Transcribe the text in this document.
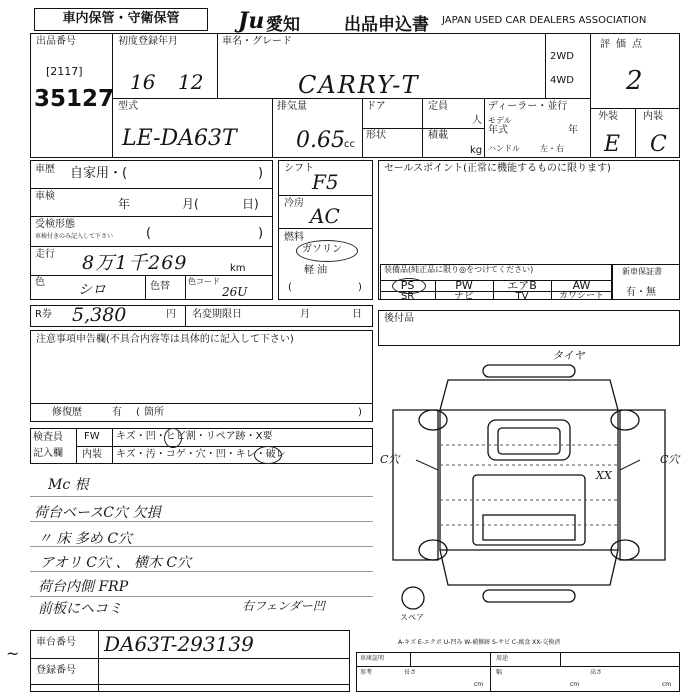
車内保管・守衛保管	Ju 愛知	出品申込書 JAPAN USED CAR DEALERS ASSOCIATION
出品番号
[2117]
35127
初度登録年月
16 12
車名・グレード
CARRY-T
2WD
4WD
評価点
2
型式
LE-DA63T
排気量
0.65 cc
ドア	定員
人
形状	積載
kg
ディーラー・並行
モデル
年式	年
ハンドル	左・右
外装	内装
E C
車歴 自家用・(	)
車検
年	月(	日)
受検形態
車検付きのみ記入して下さい	(	)
走行 8万1千269	km
色 シロ	色替 色コード
26U
シフト
F5
冷房
AC
燃料
ガソリン
軽 油
(	)
セールスポイント(正常に機能するものに限ります)
装備品(純正品に限り◎をつけてください)
PS	PW	エアB	AW
SR	ナビ	TV	カワシート
新車保証書
有・無
R券 5,380	円 名変期限日	月	日 後付品
注意事項申告欄(不具合内容等は具体的に記入して下さい)
修復歴	有 ( 箇所	)
検査員
記入欄
FW キズ・凹・ヒビ割・リペア跡・X要
内装 キズ・汚・コゲ・穴・凹・キレ・破レ
Mc 根
荷台ベースC穴 欠損
〃 床 多め C穴
アオリ C穴 、 横木 C穴
荷台内側 FRP
前板にヘコミ	右フェンダー凹
タイヤ
C穴	C穴
XX
スペア
A-キズ E-エクボ U-凹み W-補修跡 S-サビ C-腐食 XX-交換済
車台番号 DA63T-293139
登録番号
~	車庫証明	用途
参考	長さ
cm
幅
cm
高さ
cm
